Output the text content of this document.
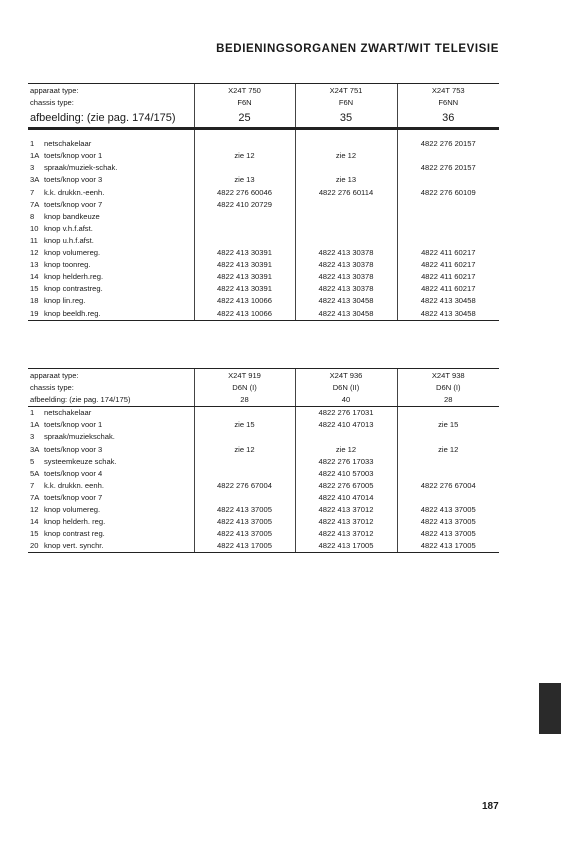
BEDIENINGSORGANEN ZWART/WIT TELEVISIE
apparaat type:	X24T 750	X24T 751	X24T 753
chassis type:	F6N	F6N	F6NN
afbeelding: (zie pag. 174/175)	25	35	36

1 netschakelaar			4822 276 20157
1A toets/knop voor 1	zie 12	zie 12	
3 spraak/muziek-schak.			4822 276 20157
3A toets/knop voor 3	zie 13	zie 13	
7 k.k. drukkn.-eenh.	4822 276 60046	4822 276 60114	4822 276 60109
7A toets/knop voor 7	4822 410 20729		
8 knop bandkeuze			
10 knop v.h.f.afst.			
11 knop u.h.f.afst.			
12 knop volumereg.	4822 413 30391	4822 413 30378	4822 411 60217
13 knop toonreg.	4822 413 30391	4822 413 30378	4822 411 60217
14 knop helderh.reg.	4822 413 30391	4822 413 30378	4822 411 60217
15 knop contrastreg.	4822 413 30391	4822 413 30378	4822 411 60217
18 knop lin.reg.	4822 413 10066	4822 413 30458	4822 413 30458
19 knop beeldh.reg.	4822 413 10066	4822 413 30458	4822 413 30458
apparaat type:	X24T 919	X24T 936	X24T 938
chassis type:	D6N (I)	D6N (II)	D6N (I)
afbeelding: (zie pag. 174/175)	28	40	28
1 netschakelaar		4822 276 17031	
1A toets/knop voor 1	zie 15	4822 410 47013	zie 15
3 spraak/muziekschak.			
3A toets/knop voor 3	zie 12	zie 12	zie 12
5 systeemkeuze schak.		4822 276 17033	
5A toets/knop voor 4		4822 410 57003	
7 k.k. drukkn. eenh.	4822 276 67004	4822 276 67005	4822 276 67004
7A toets/knop voor 7		4822 410 47014	
12 knop volumereg.	4822 413 37005	4822 413 37012	4822 413 37005
14 knop helderh. reg.	4822 413 37005	4822 413 37012	4822 413 37005
15 knop contrast reg.	4822 413 37005	4822 413 37012	4822 413 37005
20 knop vert. synchr.	4822 413 17005	4822 413 17005	4822 413 17005
187
